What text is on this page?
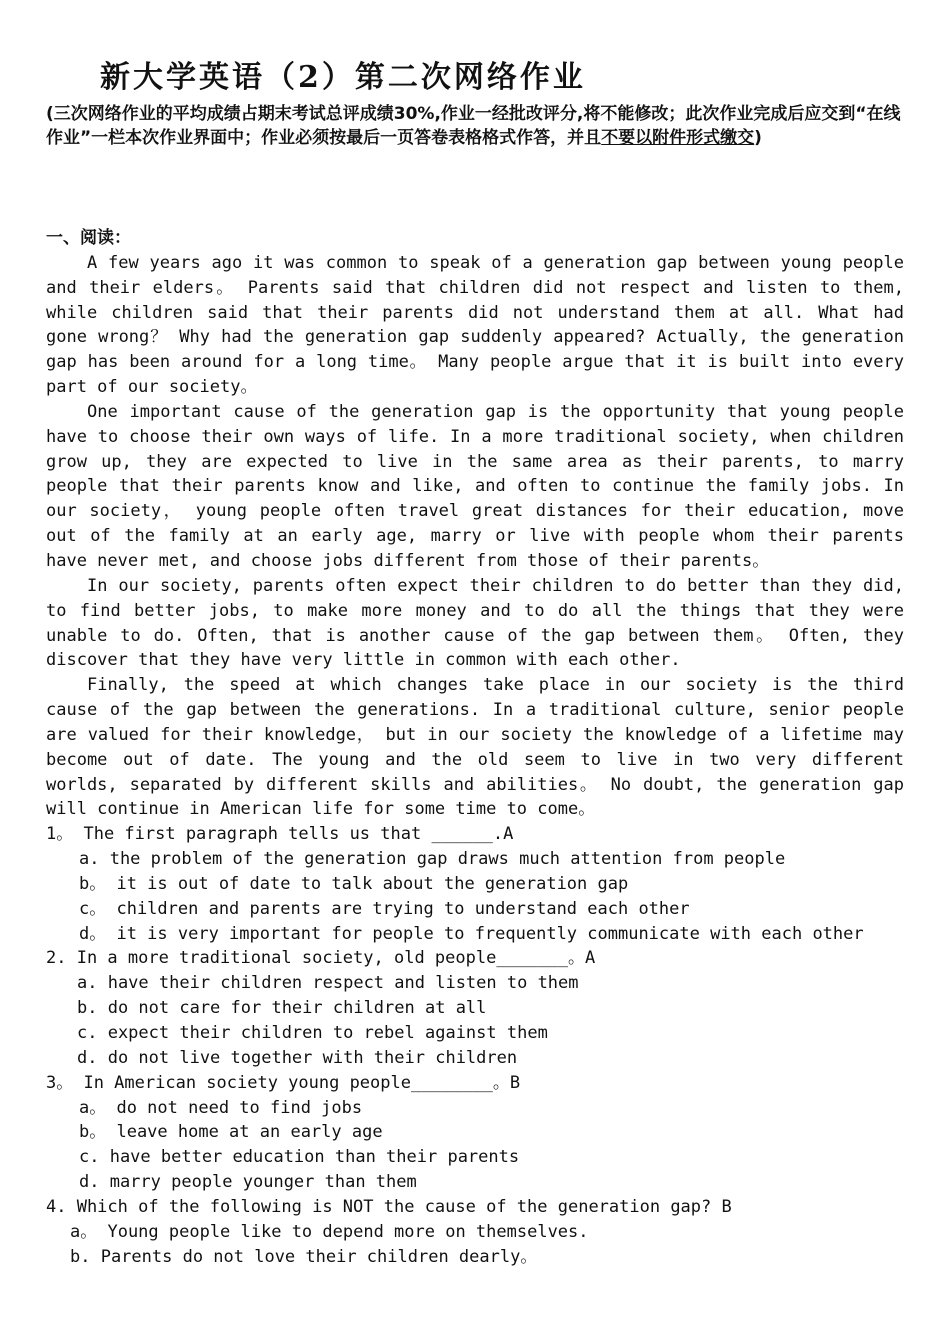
新大学英语（2）第二次网络作业

(三次网络作业的平均成绩占期末考试总评成绩30%,作业一经批改评分,将不能修改；此次作业完成后应交到“在线作业”一栏本次作业界面中；作业必须按最后一页答卷表格格式作答，并且不要以附件形式缴交)

一、阅读：

A few years ago it was common to speak of a generation gap between young people and their elders。 Parents said that children did not respect and listen to them, while children said that their parents did not understand them at all. What had gone wrong？ Why had the generation gap suddenly appeared? Actually, the generation gap has been around for a long time。 Many people argue that it is built into every part of our society。

One important cause of the generation gap is the opportunity that young people have to choose their own ways of life. In a more traditional society, when children grow up, they are expected to live in the same area as their parents, to marry people that their parents know and like, and often to continue the family jobs. In our society， young people often travel great distances for their education, move out of the family at an early age, marry or live with people whom their parents have never met, and choose jobs different from those of their parents。

In our society, parents often expect their children to do better than they did, to find better jobs, to make more money and to do all the things that they were unable to do. Often, that is another cause of the gap between them。 Often, they discover that they have very little in common with each other.

Finally, the speed at which changes take place in our society is the third cause of the gap between the generations. In a traditional culture, senior people are valued for their knowledge， but in our society the knowledge of a lifetime may become out of date. The young and the old seem to live in two very different worlds, separated by different skills and abilities。 No doubt, the generation gap will continue in American life for some time to come。

1。 The first paragraph tells us that ______.A

a. the problem of the generation gap draws much attention from people

b。 it is out of date to talk about the generation gap

c。 children and parents are trying to understand each other

d。 it is very important for people to frequently communicate with each other

2. In a more traditional society, old people_______。A

a. have their children respect and listen to them

b. do not care for their children at all

c. expect their children to rebel against them

d. do not live together with their children

3。 In American society young people________。B

a。 do not need to find jobs

b。 leave home at an early age

c. have better education than their parents

d. marry people younger than them

4. Which of the following is NOT the cause of the generation gap? B

a。 Young people like to depend more on themselves.

b. Parents do not love their children dearly。
